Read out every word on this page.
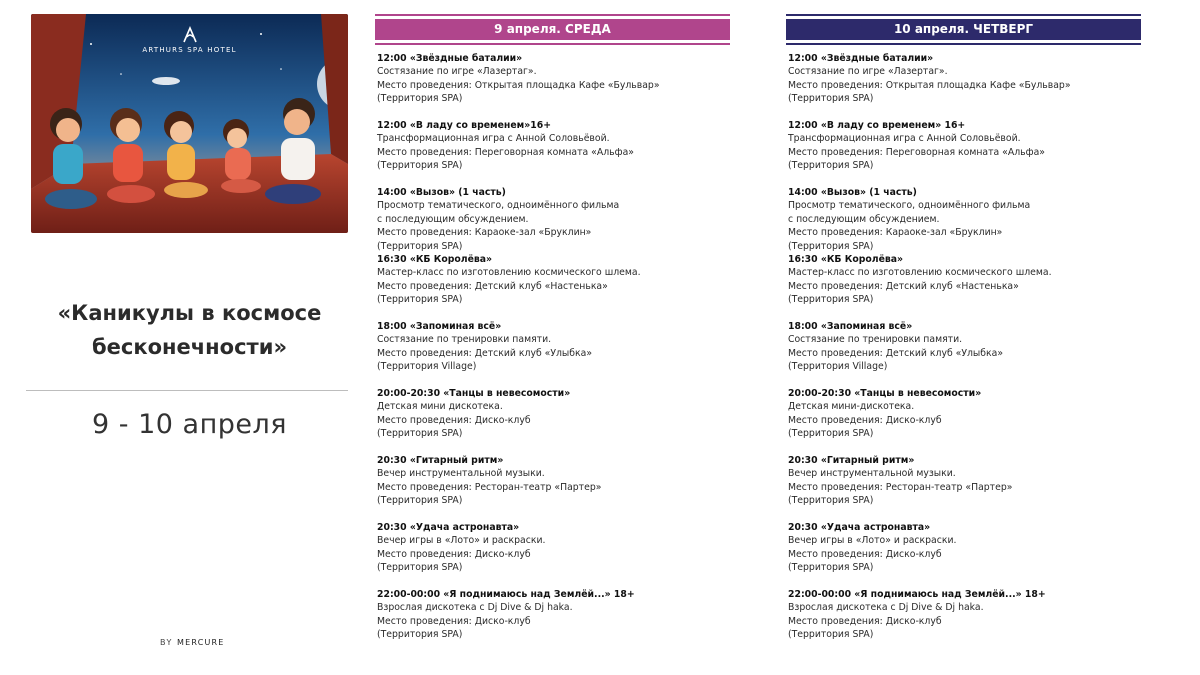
ARTHURS SPA HOTEL
«Каникулы в космосе
бесконечности»
9 - 10 апреля
BY MERCURE
9 апреля. СРЕДА
12:00 «Звёздные баталии»
Состязание по игре «Лазертаг».
Место проведения: Открытая площадка Кафе «Бульвар»
(Территория SPA)
12:00 «В ладу со временем»16+
Трансформационная игра с Анной Соловьёвой.
Место проведения: Переговорная комната «Альфа»
(Территория SPA)
14:00 «Вызов» (1 часть)
Просмотр тематического, одноимённого фильма
с последующим обсуждением.
Место проведения: Караоке-зал «Бруклин»
(Территория SPA)
16:30 «КБ Королёва»
Мастер-класс по изготовлению космического шлема.
Место проведения: Детский клуб «Настенька»
(Территория SPA)
18:00 «Запоминая всё»
Состязание по тренировки памяти.
Место проведения: Детский клуб «Улыбка»
(Территория Village)
20:00-20:30 «Танцы в невесомости»
Детская мини дискотека.
Место проведения: Диско-клуб
(Территория SPA)
20:30 «Гитарный ритм»
Вечер инструментальной музыки.
Место проведения: Ресторан-театр «Партер»
(Территория SPA)
20:30 «Удача астронавта»
Вечер игры в «Лото» и раскраски.
Место проведения: Диско-клуб
(Территория SPA)
22:00-00:00 «Я поднимаюсь над Землёй...» 18+
Взрослая дискотека с Dj Dive & Dj haka.
Место проведения: Диско-клуб
(Территория SPA)
10 апреля. ЧЕТВЕРГ
12:00 «Звёздные баталии»
Состязание по игре «Лазертаг».
Место проведения: Открытая площадка Кафе «Бульвар»
(Территория SPA)
12:00 «В ладу со временем» 16+
Трансформационная игра с Анной Соловьёвой.
Место проведения: Переговорная комната «Альфа»
(Территория SPA)
14:00 «Вызов» (1 часть)
Просмотр тематического, одноимённого фильма
с последующим обсуждением.
Место проведения: Караоке-зал «Бруклин»
(Территория SPA)
16:30 «КБ Королёва»
Мастер-класс по изготовлению космического шлема.
Место проведения: Детский клуб «Настенька»
(Территория SPA)
18:00 «Запоминая всё»
Состязание по тренировки памяти.
Место проведения: Детский клуб «Улыбка»
(Территория Village)
20:00-20:30 «Танцы в невесомости»
Детская мини-дискотека.
Место проведения: Диско-клуб
(Территория SPA)
20:30 «Гитарный ритм»
Вечер инструментальной музыки.
Место проведения: Ресторан-театр «Партер»
(Территория SPA)
20:30 «Удача астронавта»
Вечер игры в «Лото» и раскраски.
Место проведения: Диско-клуб
(Территория SPA)
22:00-00:00 «Я поднимаюсь над Землёй...» 18+
Взрослая дискотека с Dj Dive & Dj haka.
Место проведения: Диско-клуб
(Территория SPA)
